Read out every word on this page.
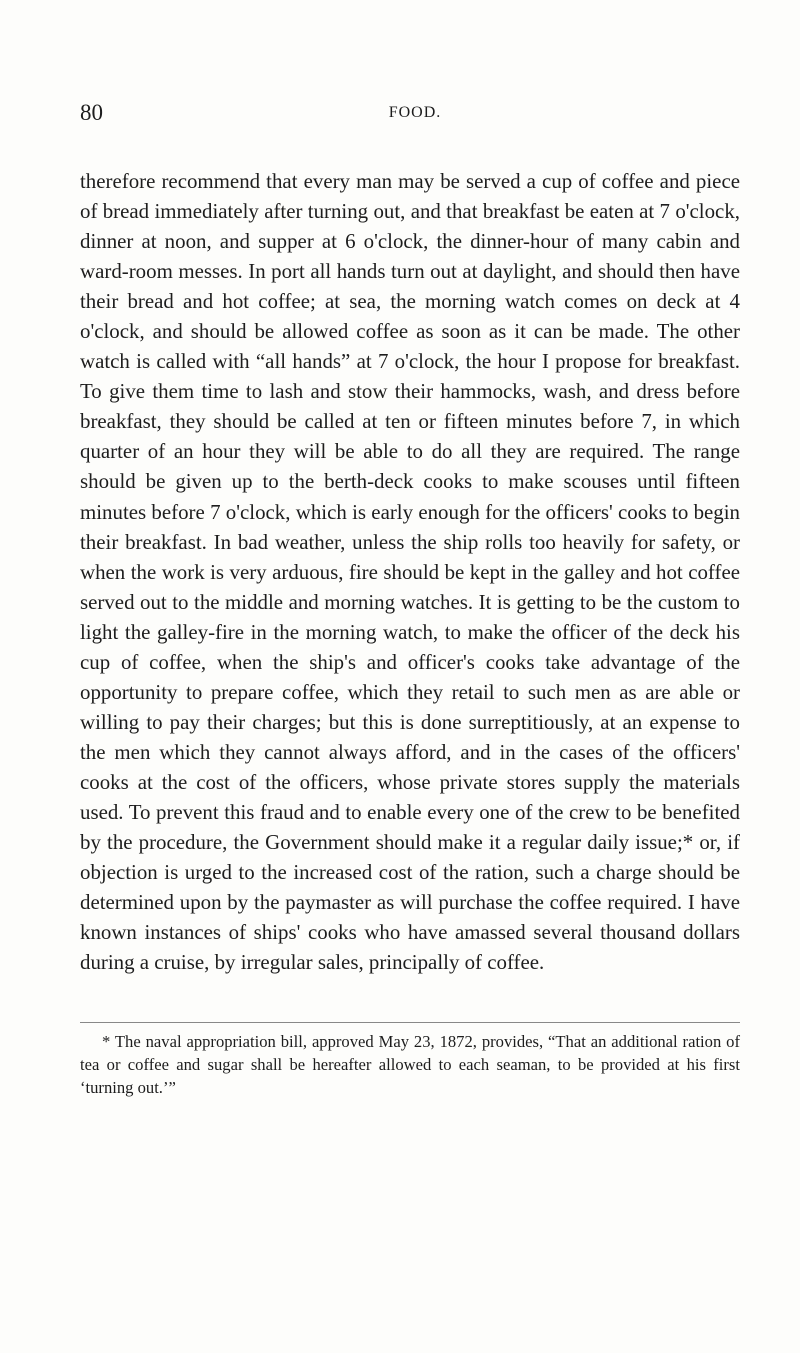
80	FOOD.

therefore recommend that every man may be served a cup of coffee and piece of bread immediately after turning out, and that breakfast be eaten at 7 o'clock, dinner at noon, and supper at 6 o'clock, the dinner-hour of many cabin and ward-room messes. In port all hands turn out at daylight, and should then have their bread and hot coffee; at sea, the morning watch comes on deck at 4 o'clock, and should be allowed coffee as soon as it can be made. The other watch is called with “all hands” at 7 o'clock, the hour I propose for breakfast. To give them time to lash and stow their hammocks, wash, and dress before breakfast, they should be called at ten or fifteen minutes before 7, in which quarter of an hour they will be able to do all they are required. The range should be given up to the berth-deck cooks to make scouses until fifteen minutes before 7 o'clock, which is early enough for the officers' cooks to begin their breakfast. In bad weather, unless the ship rolls too heavily for safety, or when the work is very arduous, fire should be kept in the galley and hot coffee served out to the middle and morning watches. It is getting to be the custom to light the galley-fire in the morning watch, to make the officer of the deck his cup of coffee, when the ship's and officer's cooks take advantage of the opportunity to prepare coffee, which they retail to such men as are able or willing to pay their charges; but this is done surreptitiously, at an expense to the men which they cannot always afford, and in the cases of the officers' cooks at the cost of the officers, whose private stores supply the materials used. To prevent this fraud and to enable every one of the crew to be benefited by the procedure, the Government should make it a regular daily issue;* or, if objection is urged to the increased cost of the ration, such a charge should be determined upon by the paymaster as will purchase the coffee required. I have known instances of ships' cooks who have amassed several thousand dollars during a cruise, by irregular sales, principally of coffee.

* The naval appropriation bill, approved May 23, 1872, provides, “That an additional ration of tea or coffee and sugar shall be hereafter allowed to each seaman, to be provided at his first ‘turning out.’”
